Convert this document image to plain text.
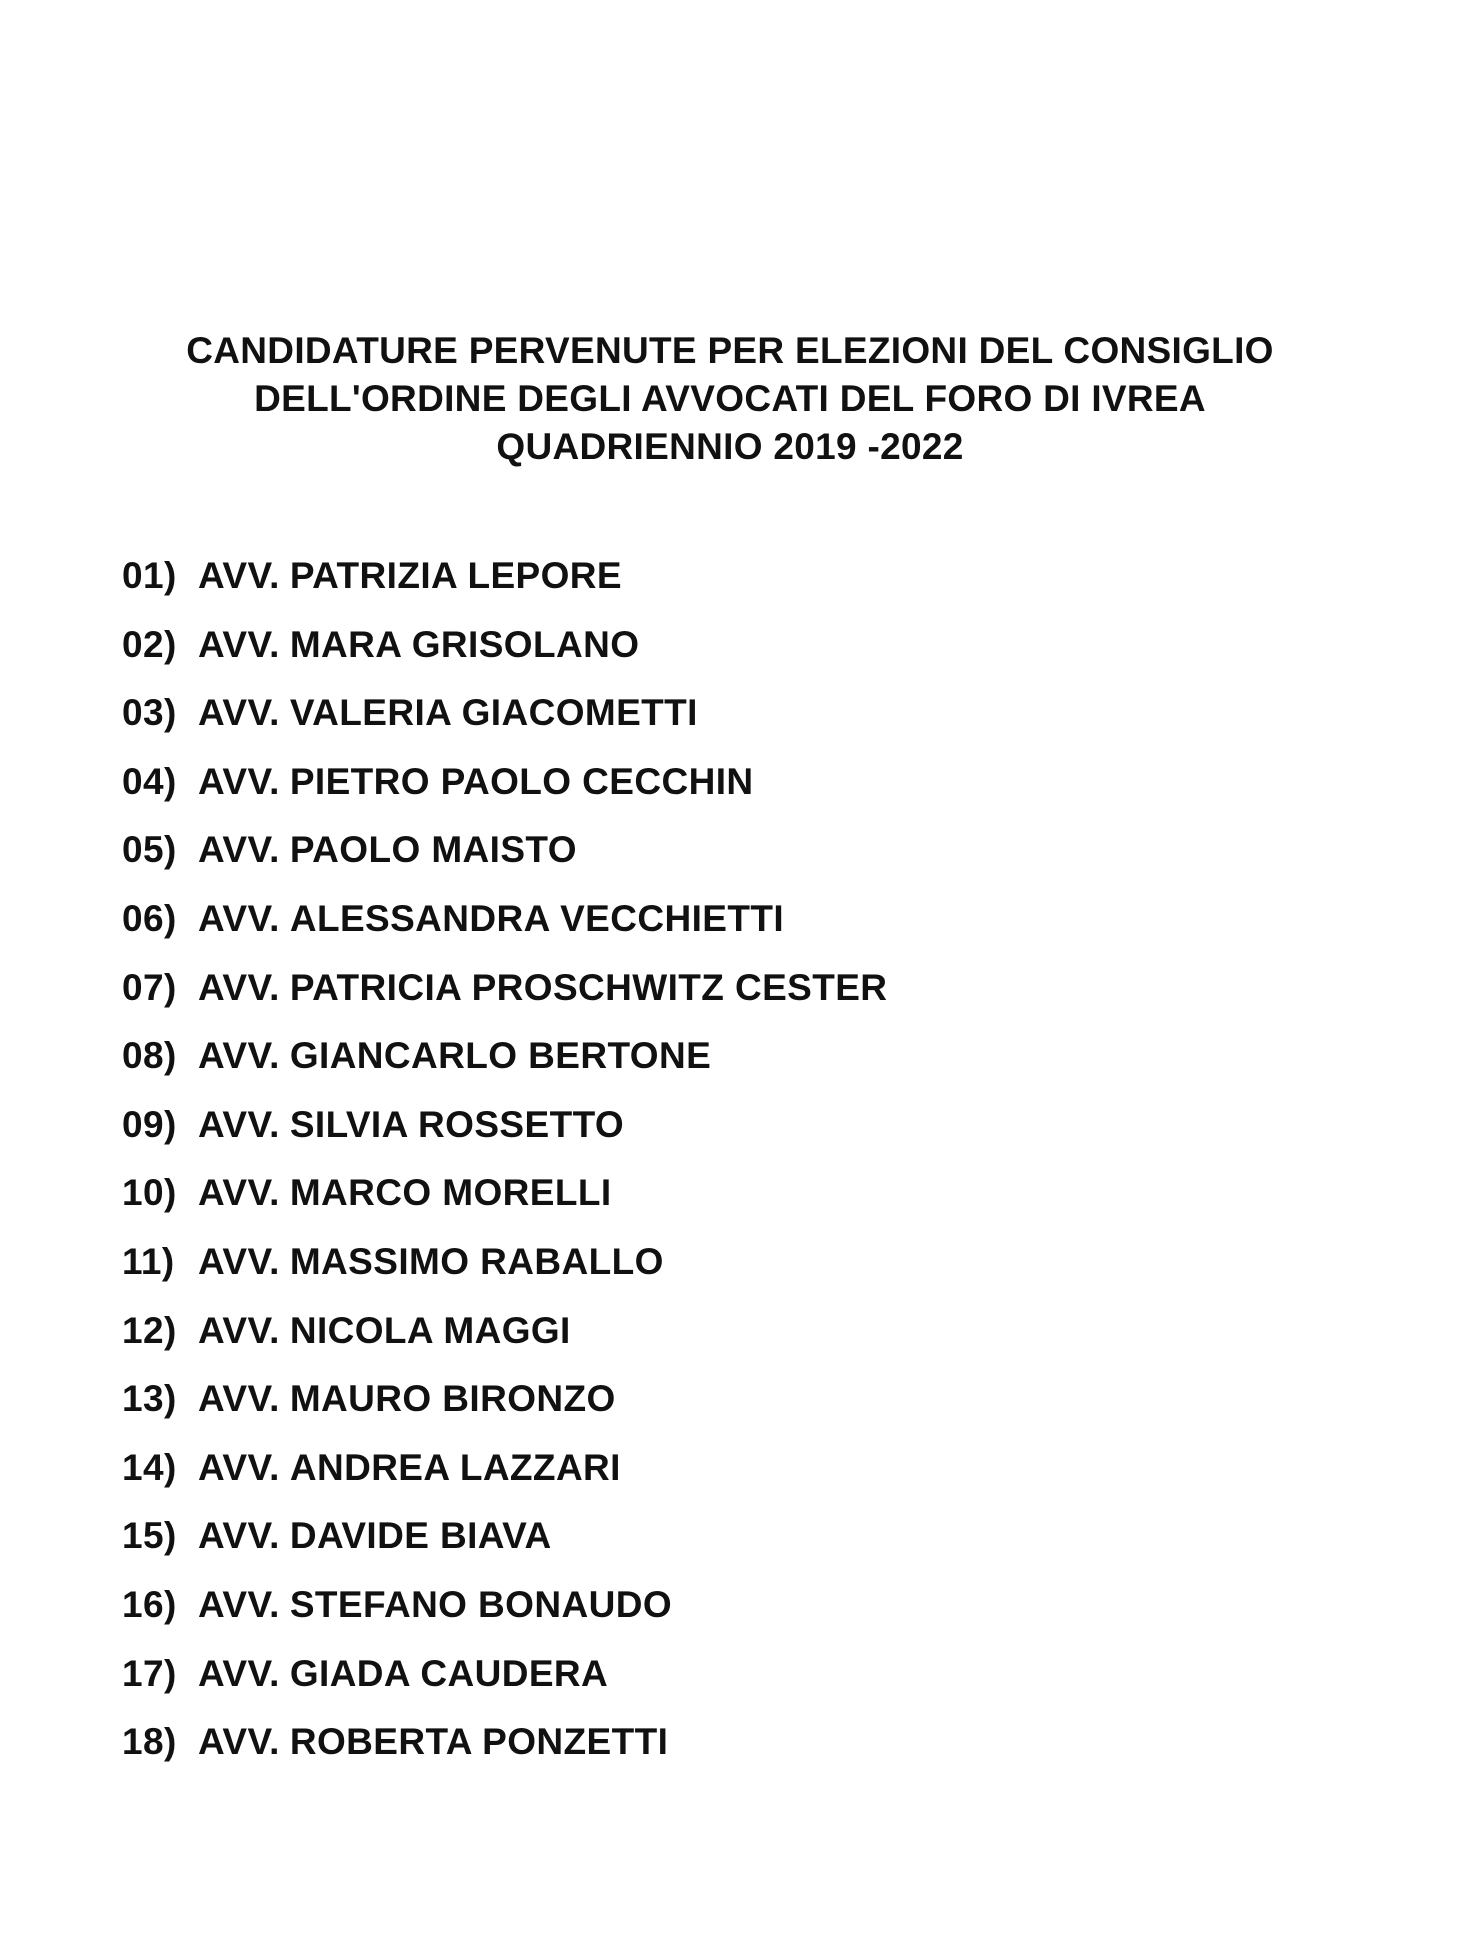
CANDIDATURE PERVENUTE PER ELEZIONI DEL CONSIGLIO
DELL'ORDINE DEGLI AVVOCATI DEL FORO DI IVREA
QUADRIENNIO 2019 -2022
01) AVV. PATRIZIA LEPORE
02) AVV. MARA GRISOLANO
03) AVV. VALERIA GIACOMETTI
04) AVV. PIETRO PAOLO CECCHIN
05) AVV. PAOLO MAISTO
06) AVV. ALESSANDRA VECCHIETTI
07) AVV. PATRICIA PROSCHWITZ CESTER
08) AVV. GIANCARLO BERTONE
09) AVV. SILVIA ROSSETTO
10) AVV. MARCO MORELLI
11) AVV. MASSIMO RABALLO
12) AVV. NICOLA MAGGI
13) AVV. MAURO BIRONZO
14) AVV. ANDREA LAZZARI
15) AVV. DAVIDE BIAVA
16) AVV. STEFANO BONAUDO
17) AVV. GIADA CAUDERA
18) AVV. ROBERTA PONZETTI
